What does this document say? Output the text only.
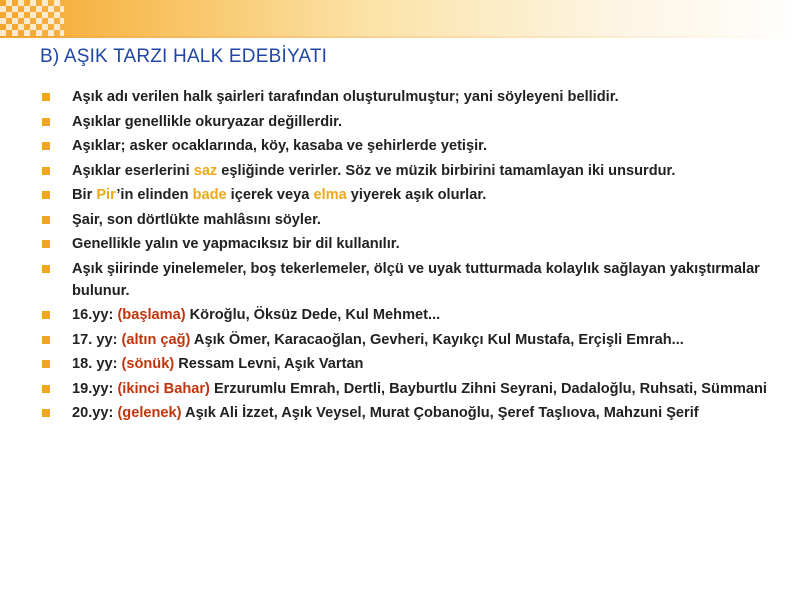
B) AŞIK TARZI HALK EDEBİYATI
Aşık adı verilen halk şairleri tarafından oluşturulmuştur; yani söyleyeni bellidir.
Aşıklar genellikle okuryazar değillerdir.
Aşıklar; asker ocaklarında, köy, kasaba ve şehirlerde yetişir.
Aşıklar eserlerini saz eşliğinde verirler. Söz ve müzik birbirini tamamlayan iki unsurdur.
Bir Pir’in elinden bade içerek veya elma yiyerek aşık olurlar.
Şair, son dörtlükte mahlâsını söyler.
Genellikle yalın ve yapmacıksız bir dil kullanılır.
Aşık şiirinde yinelemeler, boş tekerlemeler, ölçü ve uyak tutturmada kolaylık sağlayan yakıştırmalar bulunur.
16.yy: (başlama) Köroğlu, Öksüz Dede, Kul Mehmet...
17. yy: (altın çağ) Aşık Ömer, Karacaoğlan, Gevheri, Kayıkçı Kul Mustafa, Erçişli Emrah...
18. yy: (sönük) Ressam Levni, Aşık Vartan
19.yy: (ikinci Bahar) Erzurumlu Emrah, Dertli, Bayburtlu Zihni Seyrani, Dadaloğlu, Ruhsati, Sümmani
20.yy: (gelenek) Aşık Ali İzzet, Aşık Veysel, Murat Çobanoğlu, Şeref Taşlıova, Mahzuni Şerif
